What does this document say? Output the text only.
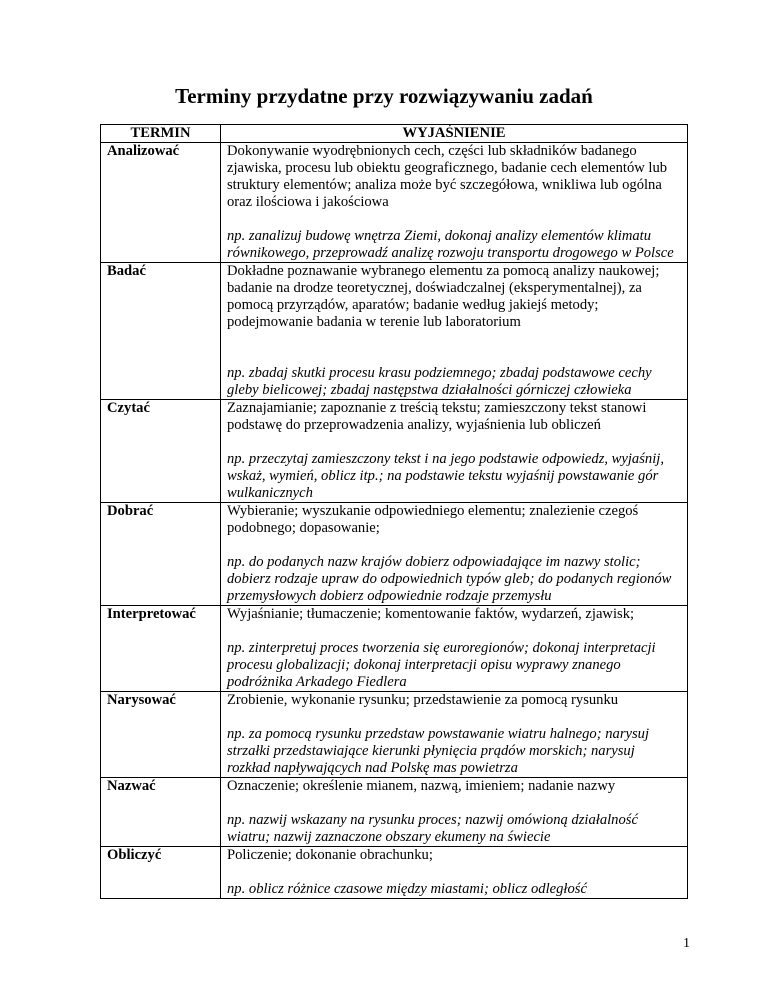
Terminy przydatne przy rozwiązywaniu zadań
TERMIN	WYJAŚNIENIE
Analizować	Dokonywanie wyodrębnionych cech, części lub składników badanego zjawiska, procesu lub obiektu geograficznego, badanie cech elementów lub struktury elementów; analiza może być szczegółowa, wnikliwa lub ogólna oraz ilościowa i jakościowa
np. zanalizuj budowę wnętrza Ziemi, dokonaj analizy elementów klimatu równikowego, przeprowadź analizę rozwoju transportu drogowego w Polsce

Badać	Dokładne poznawanie wybranego elementu za pomocą analizy naukowej; badanie na drodze teoretycznej, doświadczalnej (eksperymentalnej), za pomocą przyrządów, aparatów; badanie według jakiejś metody; podejmowanie badania w terenie lub laboratorium
np. zbadaj skutki procesu krasu podziemnego; zbadaj podstawowe cechy gleby bielicowej; zbadaj następstwa działalności górniczej człowieka

Czytać	Zaznajamianie; zapoznanie z treścią tekstu; zamieszczony tekst stanowi podstawę do przeprowadzenia analizy, wyjaśnienia lub obliczeń
np. przeczytaj zamieszczony tekst i na jego podstawie odpowiedz, wyjaśnij, wskaż, wymień, oblicz itp.; na podstawie tekstu wyjaśnij powstawanie gór wulkanicznych

Dobrać	Wybieranie; wyszukanie odpowiedniego elementu; znalezienie czegoś podobnego; dopasowanie;
np. do podanych nazw krajów dobierz odpowiadające im nazwy stolic; dobierz rodzaje upraw do odpowiednich typów gleb; do podanych regionów przemysłowych dobierz odpowiednie rodzaje przemysłu

Interpretować	Wyjaśnianie; tłumaczenie; komentowanie faktów, wydarzeń, zjawisk;
np. zinterpretuj proces tworzenia się euroregionów; dokonaj interpretacji procesu globalizacji; dokonaj interpretacji opisu wyprawy znanego podróżnika Arkadego Fiedlera

Narysować	Zrobienie, wykonanie rysunku; przedstawienie za pomocą rysunku
np. za pomocą rysunku przedstaw powstawanie wiatru halnego; narysuj strzałki przedstawiające kierunki płynięcia prądów morskich; narysuj rozkład napływających nad Polskę mas powietrza

Nazwać	Oznaczenie; określenie mianem, nazwą, imieniem; nadanie nazwy
np. nazwij wskazany na rysunku proces; nazwij omówioną działalność wiatru; nazwij zaznaczone obszary ekumeny na świecie

Obliczyć	Policzenie; dokonanie obrachunku;
np. oblicz różnice czasowe między miastami; oblicz odległość
1
